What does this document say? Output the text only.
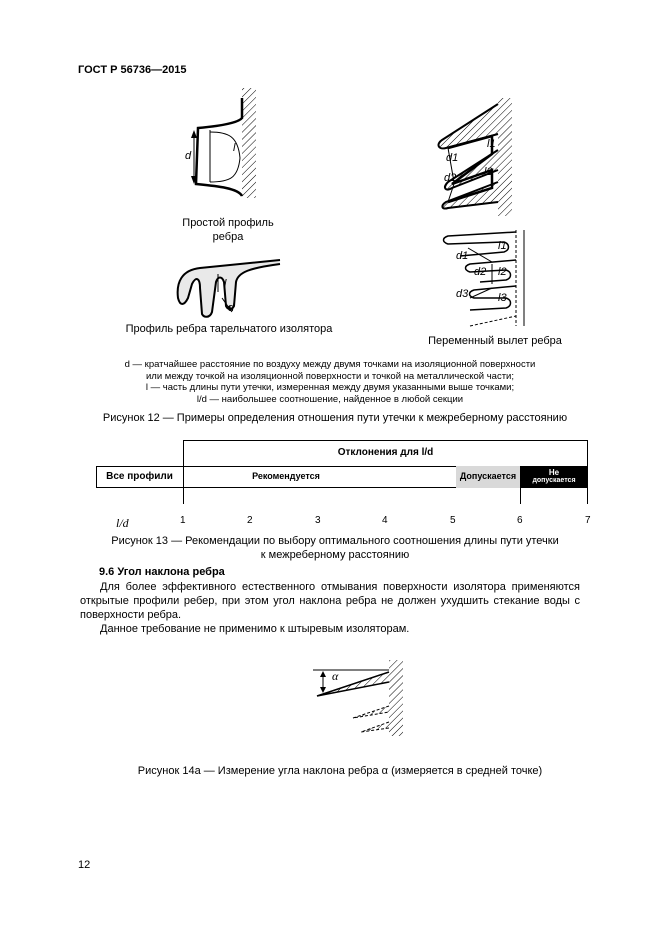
ГОСТ Р 56736—2015
d
l
Простой профиль
ребра
l
d
Профиль ребра тарельчатого изолятора
l1
d1
d2	l2
l1
d1
d2 l2
d3	l3
Переменный вылет ребра
d — кратчайшее расстояние по воздуху между двумя точками на изоляционной поверхности
или между точкой на изоляционной поверхности и точкой на металлической части;
l — часть длины пути утечки, измеренная между двумя указанными выше точками;
l/d — наибольшее соотношение, найденное в любой секции
Рисунок 12 — Примеры определения отношения пути утечки к межреберному расстоянию
Отклонения для l/d
Все профили	Рекомендуется	Допускается	Не
допускается
l/d	1	2	3	4	5	6	7
Рисунок 13 — Рекомендации по выбору оптимального соотношения длины пути утечки
к межреберному расстоянию
9.6 Угол наклона ребра
Для более эффективного естественного отмывания поверхности изолятора применяются открытые профили ребер, при этом угол наклона ребра не должен ухудшить стекание воды с поверхности ребра.
Данное требование не применимо к штыревым изоляторам.
α
Рисунок 14а — Измерение угла наклона ребра α (измеряется в средней точке)
12
